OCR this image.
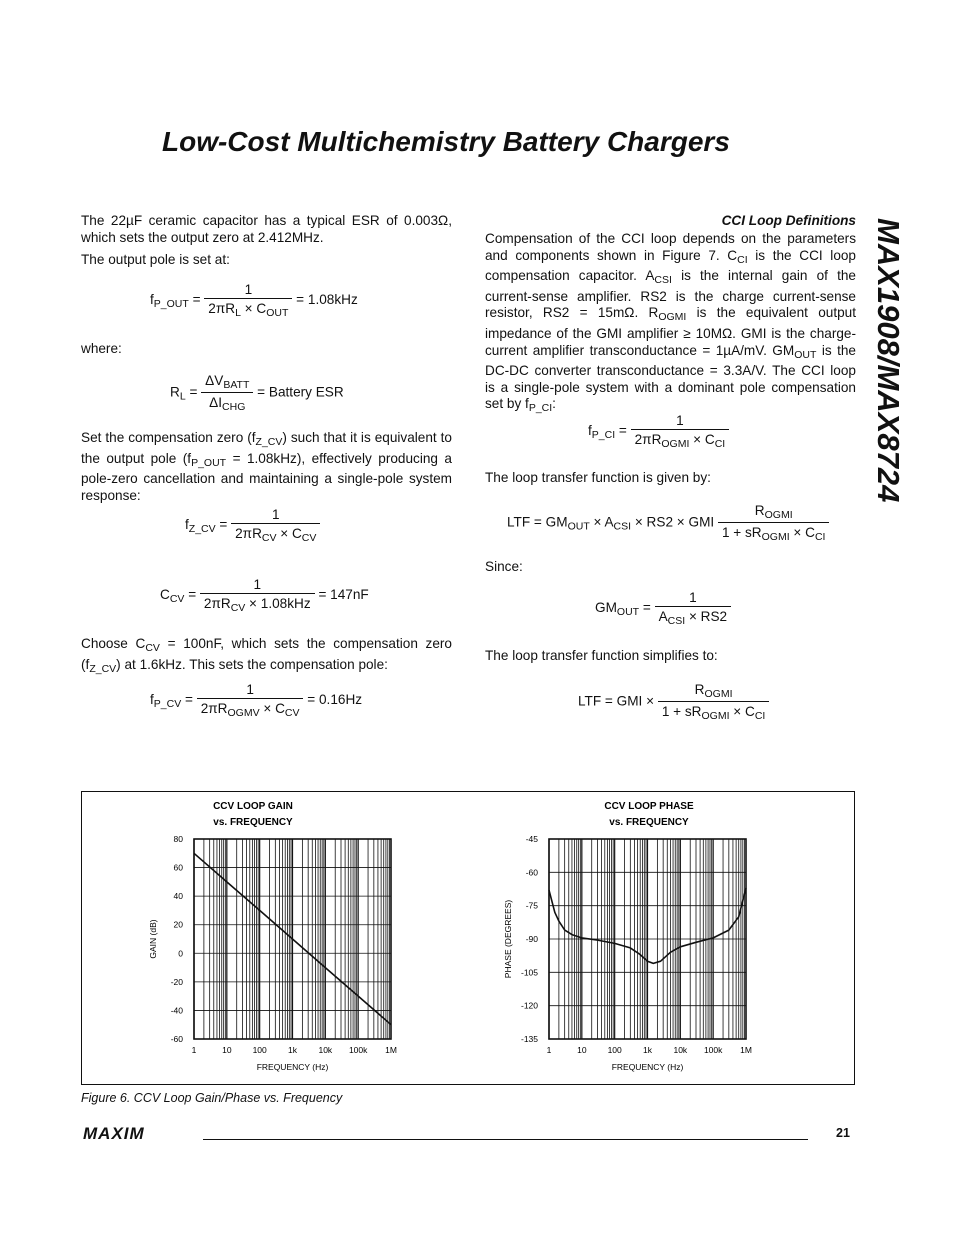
Low-Cost Multichemistry Battery Chargers
MAX1908/MAX8724

The 22µF ceramic capacitor has a typical ESR of 0.003Ω, which sets the output zero at 2.412MHz.

The output pole is set at:

$f_{P\_OUT} = \frac{1}{2\pi R_L \times C_{OUT}} = 1.08kHz$
where:
$R_L = \frac{\Delta V_{BATT}}{\Delta I_{CHG}}$ = Battery ESR

Set the compensation zero $(f_{Z\_CV})$ such that it is equivalent to the output pole $(f_{P\_OUT} = 1.08kHz)$, effectively producing a pole-zero cancellation and maintaining a single-pole system response:

$f_{Z\_CV} = \frac{1}{2\pi R_{CV} \times C_{CV}}$
$C_{CV} = \frac{1}{2\pi R_{CV} \times 1.08kHz} = 147nF$

Choose $C_{CV} = 100nF$, which sets the compensation zero $(f_{Z\_CV})$ at 1.6kHz. This sets the compensation pole:

$f_{P\_CV} = \frac{1}{2\pi R_{OGMV} \times C_{CV}} = 0.16Hz$
CCI Loop Definitions

Compensation of the CCI loop depends on the parameters and components shown in Figure 7. $C_{CI}$ is the CCI loop compensation capacitor. $A_{CSI}$ is the internal gain of the current-sense amplifier. RS2 is the charge current-sense resistor, RS2 = 15mΩ. $R_{OGMI}$ is the equivalent output impedance of the GMI amplifier ≥ 10MΩ. GMI is the charge-current amplifier transconductance = 1µA/mV. $GM_{OUT}$ is the DC-DC converter transconductance = 3.3A/V. The CCI loop is a single-pole system with a dominant pole compensation set by $f_{P\_CI}$:

$f_{P\_CI} = \frac{1}{2\pi R_{OGMI} \times C_{CI}}$
The loop transfer function is given by:
LTF = $GM_{OUT} \times A_{CSI} \times RS2$ × GMI $\frac{R_{OGMI}}{1 + sR_{OGMI} \times C_{CI}}$
Since:
$GM_{OUT} = \frac{1}{A_{CSI} \times RS2}$
The loop transfer function simplifies to:
LTF = GMI × $\frac{R_{OGMI}}{1 + sR_{OGMI} \times C_{CI}}$
CCV LOOP GAIN
vs. FREQUENCY
80
60
40
20
0
-20
-40
-60
1	10 100 1k	10k 100k 1M
FREQUENCY (Hz)
GAIN (dB)
CCV LOOP PHASE
vs. FREQUENCY
-45
-60
-75
-90
-105
-120
-135
1	10 100 1k	10k 100k 1M
FREQUENCY (Hz)
PHASE (DEGREES)
Figure 6. CCV Loop Gain/Phase vs. Frequency
MAXIM	21
